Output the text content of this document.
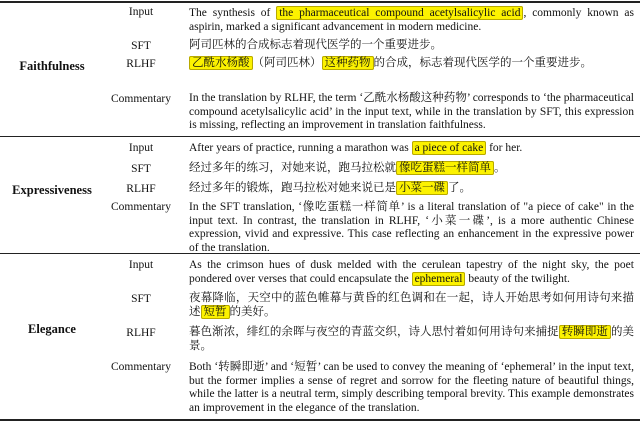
Faithfulness
Input	The synthesis of the pharmaceutical compound acetylsalicylic acid , commonly known as aspirin, marked a significant advancement in modern medicine.
SFT	阿司匹林的合成标志着现代医学的一个重要进步。
RLHF	乙酰水杨酸 （阿司匹林） 这种药物 的合成，标志着现代医学的一个重要进步。
Commentary	In the translation by RLHF, the term ‘乙酰水杨酸这种药物’ corresponds to ‘the pharmaceutical compound acetylsalicylic acid’ in the input text, while in the translation by SFT, this expression is missing, reflecting an improvement in translation faithfulness.
Expressiveness
Input	After years of practice, running a marathon was a piece of cake for her.
SFT	经过多年的练习，对她来说，跑马拉松就 像吃蛋糕一样简单 。
RLHF	经过多年的锻炼，跑马拉松对她来说已是 小菜一碟 了。
Commentary	In the SFT translation, ‘像吃蛋糕一样简单’ is a literal translation of "a piece of cake" in the input text. In contrast, the translation in RLHF, ‘小菜一碟’, is a more authentic Chinese expression, vivid and expressive. This case reflecting an enhancement in the expressive power of the translation.
Elegance
Input	As the crimson hues of dusk melded with the cerulean tapestry of the night sky, the poet pondered over verses that could encapsulate the ephemeral beauty of the twilight.
SFT	夜幕降临，天空中的蓝色帷幕与黄昏的红色调和在一起，诗人开始思考如何用诗句来描述 短暂 的美好。
RLHF	暮色渐浓，绯红的余晖与夜空的青蓝交织，诗人思忖着如何用诗句来捕捉 转瞬即逝 的美景。
Commentary	Both ‘转瞬即逝’ and ‘短暂’ can be used to convey the meaning of ‘ephemeral’ in the input text, but the former implies a sense of regret and sorrow for the fleeting nature of beautiful things, while the latter is a neutral term, simply describing temporal brevity. This example demonstrates an improvement in the elegance of the translation.
